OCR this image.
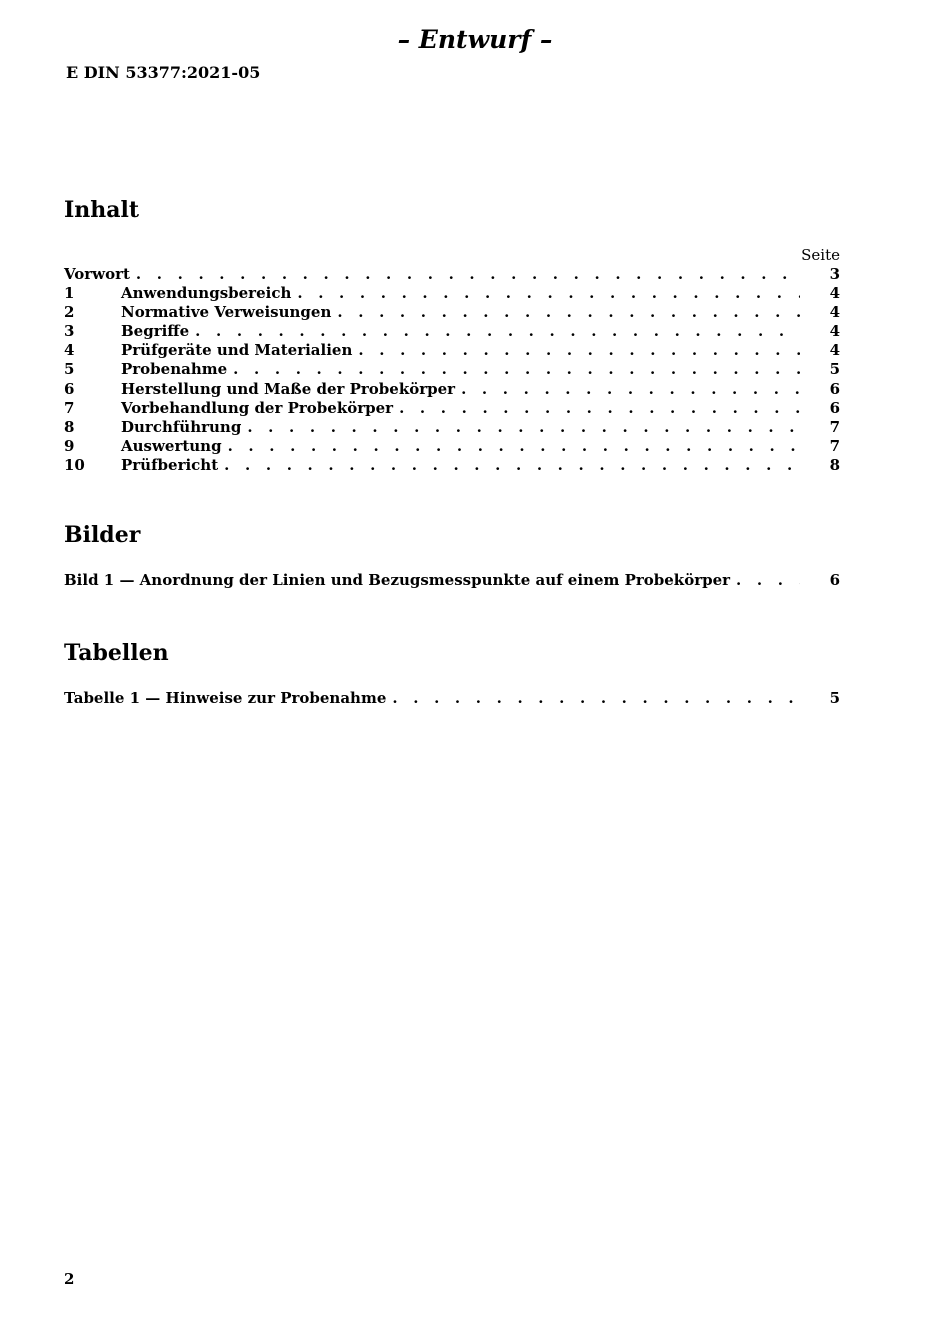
– Entwurf –
E DIN 53377:2021-05
Inhalt
Seite
Vorwort . . .	3
1	Anwendungsbereich . . .	4
2	Normative Verweisungen . . .	4
3	Begriffe . . .	4
4	Prüfgeräte und Materialien . . .	4
5	Probenahme . . .	5
6	Herstellung und Maße der Probekörper . . .	6
7	Vorbehandlung der Probekörper . . .	6
8	Durchführung . . .	7
9	Auswertung . . .	7
10	Prüfbericht . . .	8
Bilder
Bild 1 — Anordnung der Linien und Bezugsmesspunkte auf einem Probekörper . . .	6
Tabellen
Tabelle 1 — Hinweise zur Probenahme . . .	5
2
